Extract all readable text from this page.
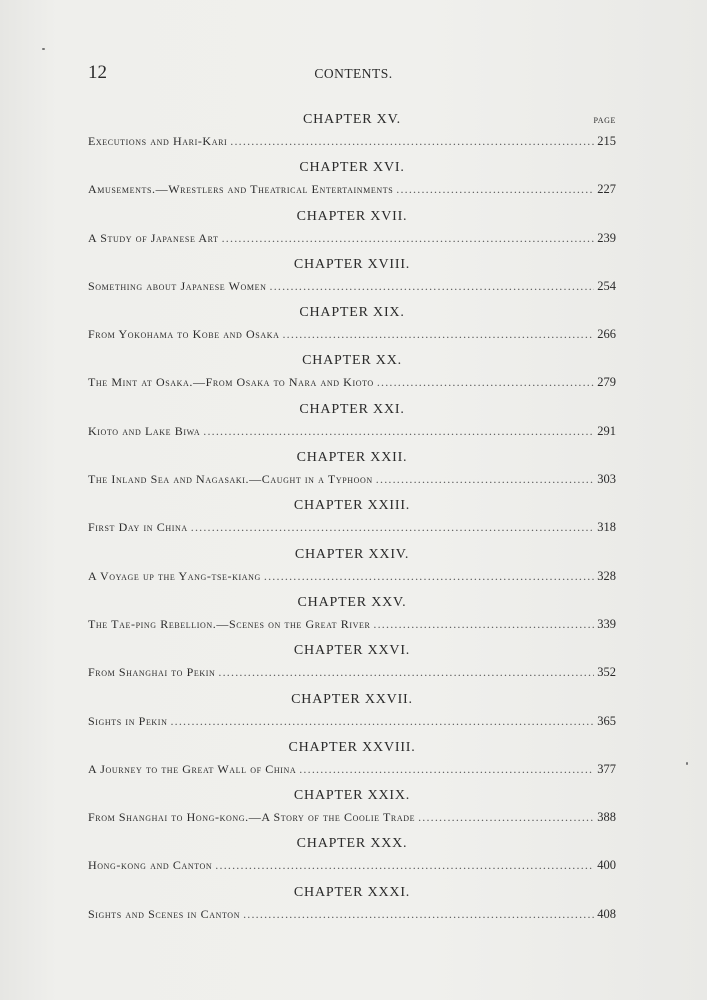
12	CONTENTS.
PAGE
CHAPTER XV.
Executions and Hari-Kari .....	215
CHAPTER XVI.
Amusements.—Wrestlers and Theatrical Entertainments .....	227
CHAPTER XVII.
A Study of Japanese Art .....	239
CHAPTER XVIII.
Something about Japanese Women .....	254
CHAPTER XIX.
From Yokohama to Kobe and Osaka .....	266
CHAPTER XX.
The Mint at Osaka.—From Osaka to Nara and Kioto .....	279
CHAPTER XXI.
Kioto and Lake Biwa .....	291
CHAPTER XXII.
The Inland Sea and Nagasaki.—Caught in a Typhoon .....	303
CHAPTER XXIII.
First Day in China .....	318
CHAPTER XXIV.
A Voyage up the Yang-tse-kiang .....	328
CHAPTER XXV.
The Tae-ping Rebellion.—Scenes on the Great River .....	339
CHAPTER XXVI.
From Shanghai to Pekin .....	352
CHAPTER XXVII.
Sights in Pekin .....	365
CHAPTER XXVIII.
A Journey to the Great Wall of China .....	377
CHAPTER XXIX.
From Shanghai to Hong-kong.—A Story of the Coolie Trade .....	388
CHAPTER XXX.
Hong-kong and Canton .....	400
CHAPTER XXXI.
Sights and Scenes in Canton .....	408
